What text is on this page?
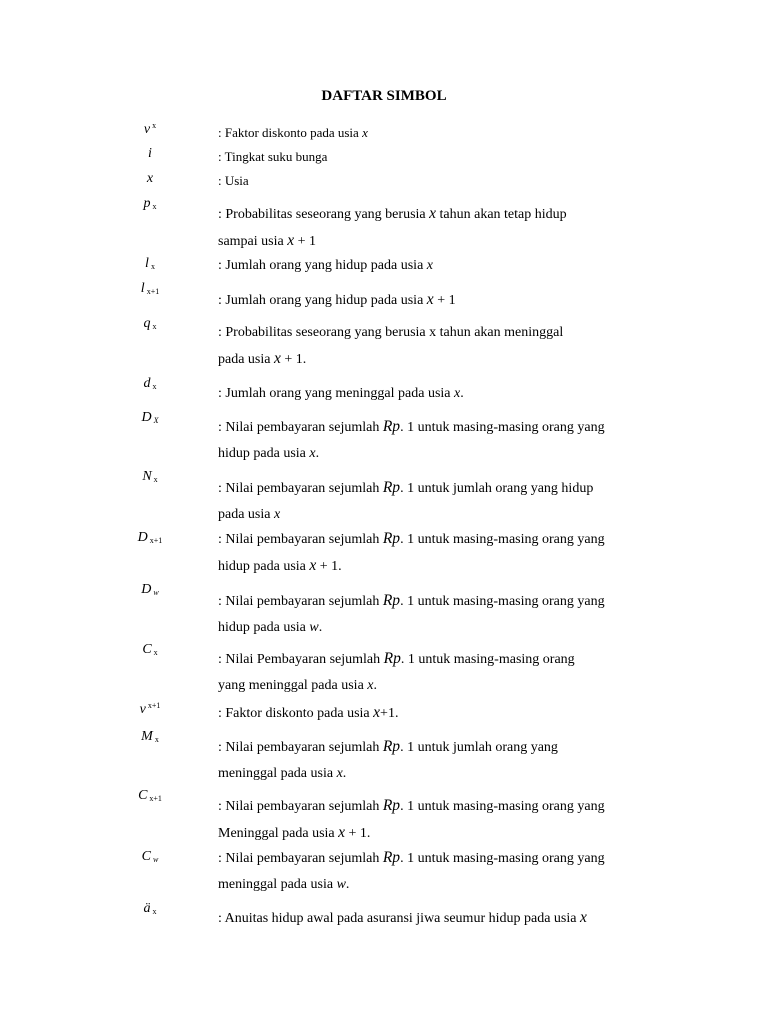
DAFTAR SIMBOL
v $^x$	: Faktor diskonto pada usia x
i	: Tingkat suku bunga
x	: Usia
p $_x$
: Probabilitas seseorang yang berusia x tahun akan tetap hidup
sampai usia x + 1
l $_x$	: Jumlah orang yang hidup pada usia x
l $_{x+1}$
: Jumlah orang yang hidup pada usia x + 1
q $_x$	: Probabilitas seseorang yang berusia x tahun akan meninggal
pada usia x + 1.
d $_x$	: Jumlah orang yang meninggal pada usia x.
D $_X$	: Nilai pembayaran sejumlah Rp. 1 untuk masing-masing orang yang
hidup pada usia x.
N $_x$
: Nilai pembayaran sejumlah Rp. 1 untuk jumlah orang yang hidup
pada usia x
D $_{x+1}$	: Nilai pembayaran sejumlah Rp. 1 untuk masing-masing orang yang
hidup pada usia x + 1.
D $_w$
: Nilai pembayaran sejumlah Rp. 1 untuk masing-masing orang yang
hidup pada usia w.
C $_x$	: Nilai Pembayaran sejumlah Rp. 1 untuk masing-masing orang
yang meninggal pada usia x.
v $^{x+1}$
: Faktor diskonto pada usia x+1.
M $_x$
: Nilai pembayaran sejumlah Rp. 1 untuk jumlah orang yang
meninggal pada usia x.
C $_{x+1}$
: Nilai pembayaran sejumlah Rp. 1 untuk masing-masing orang yang
Meninggal pada usia x + 1.
C $_w$	: Nilai pembayaran sejumlah Rp. 1 untuk masing-masing orang yang
meninggal pada usia w.
ä $_x$	: Anuitas hidup awal pada asuransi jiwa seumur hidup pada usia x
